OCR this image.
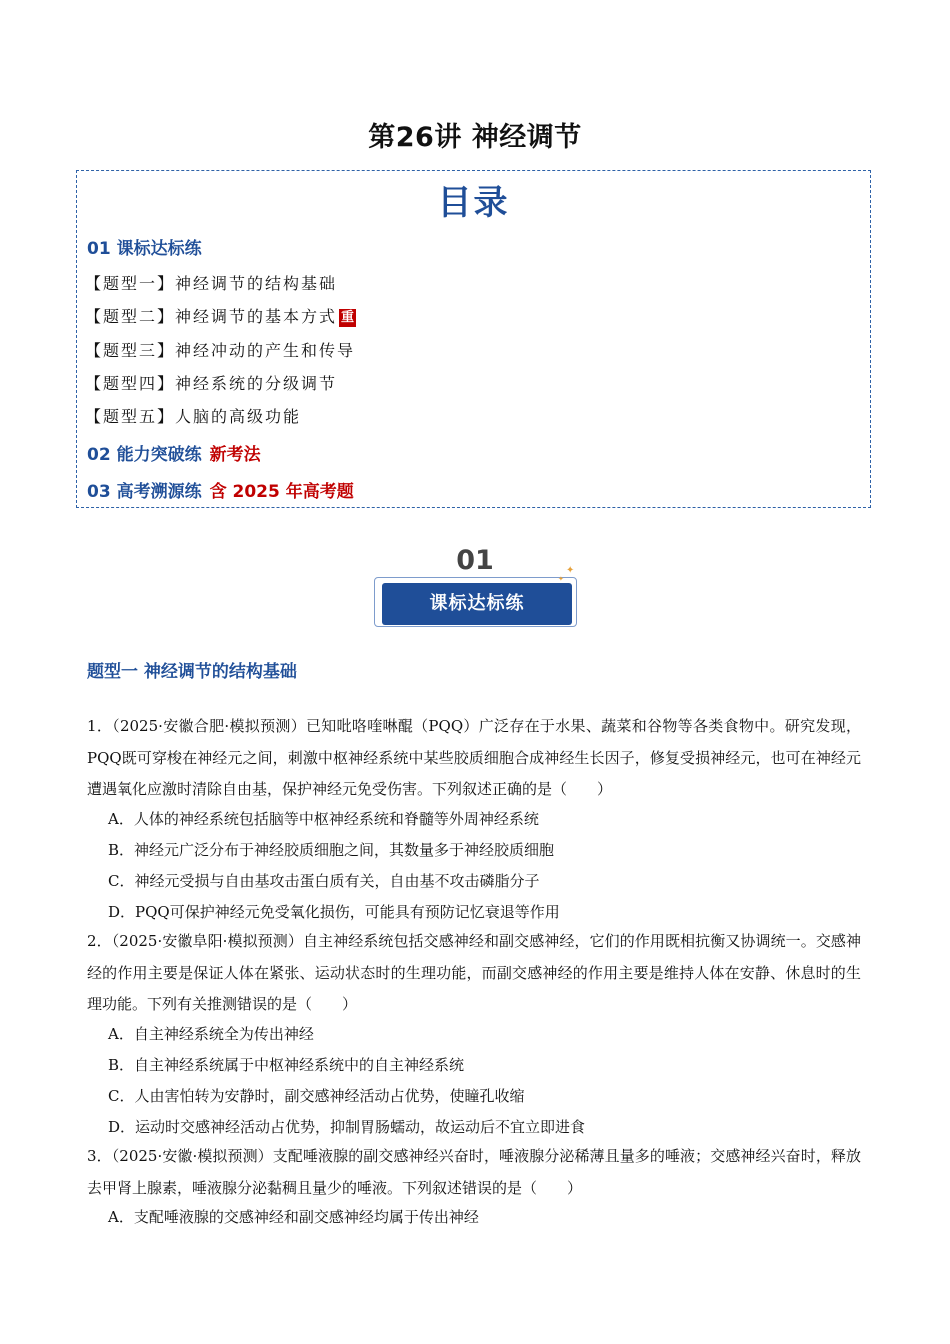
第26讲 神经调节
目录
01 课标达标练
【题型一】神经调节的结构基础
【题型二】神经调节的基本方式 重
【题型三】神经冲动的产生和传导
【题型四】神经系统的分级调节
【题型五】人脑的高级功能
02 能力突破练 新考法
03 高考溯源练 含 2025 年高考题
01
课标达标练
✦
✦
题型一 神经调节的结构基础
1．（2025·安徽合肥·模拟预测）已知吡咯喹啉醌（PQQ）广泛存在于水果、蔬菜和谷物等各类食物中。研究发现，PQQ既可穿梭在神经元之间，刺激中枢神经系统中某些胶质细胞合成神经生长因子，修复受损神经元，也可在神经元遭遇氧化应激时清除自由基，保护神经元免受伤害。下列叙述正确的是（　　）
A．人体的神经系统包括脑等中枢神经系统和脊髓等外周神经系统
B．神经元广泛分布于神经胶质细胞之间，其数量多于神经胶质细胞
C．神经元受损与自由基攻击蛋白质有关，自由基不攻击磷脂分子
D．PQQ可保护神经元免受氧化损伤，可能具有预防记忆衰退等作用
2．（2025·安徽阜阳·模拟预测）自主神经系统包括交感神经和副交感神经，它们的作用既相抗衡又协调统一。交感神经的作用主要是保证人体在紧张、运动状态时的生理功能，而副交感神经的作用主要是维持人体在安静、休息时的生理功能。下列有关推测错误的是（　　）
A．自主神经系统全为传出神经
B．自主神经系统属于中枢神经系统中的自主神经系统
C．人由害怕转为安静时，副交感神经活动占优势，使瞳孔收缩
D．运动时交感神经活动占优势，抑制胃肠蠕动，故运动后不宜立即进食
3．（2025·安徽·模拟预测）支配唾液腺的副交感神经兴奋时，唾液腺分泌稀薄且量多的唾液；交感神经兴奋时，释放去甲肾上腺素，唾液腺分泌黏稠且量少的唾液。下列叙述错误的是（　　）
A．支配唾液腺的交感神经和副交感神经均属于传出神经
